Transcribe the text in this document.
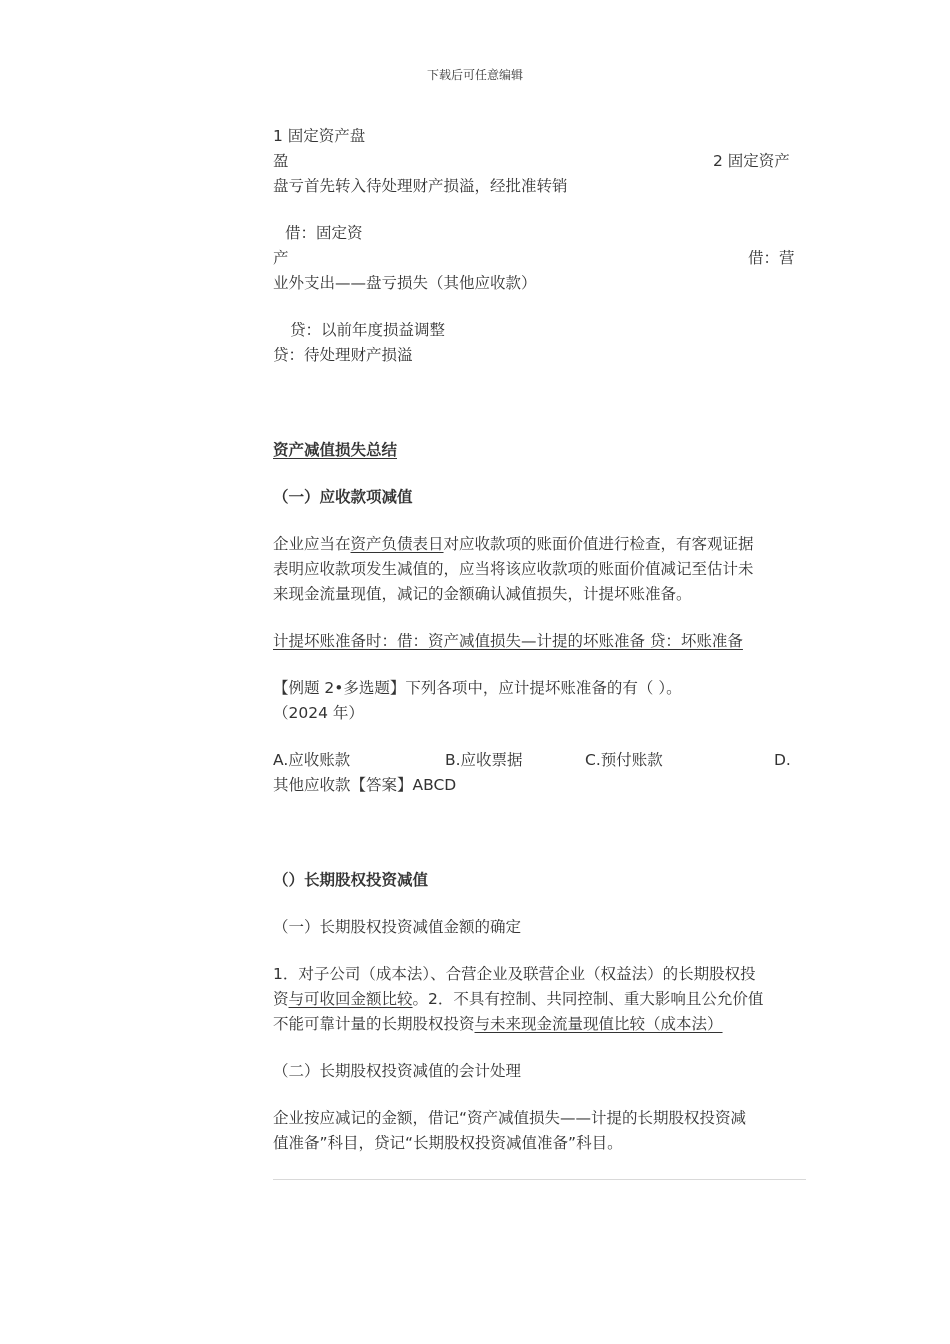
下载后可任意编辑
1 固定资产盘
盈	2 固定资产
盘亏首先转入待处理财产损溢，经批准转销
借：固定资
产	借：营
业外支出——盘亏损失（其他应收款）
贷：以前年度损益调整
贷：待处理财产损溢
资产减值损失总结
（一）应收款项减值
企业应当在资产负债表日对应收款项的账面价值进行检查，有客观证据
表明应收款项发生减值的，应当将该应收款项的账面价值减记至估计未
来现金流量现值，减记的金额确认减值损失，计提坏账准备。
计提坏账准备时：借：资产减值损失—计提的坏账准备 贷：坏账准备
【例题 2•多选题】下列各项中，应计提坏账准备的有（ ）。
（2024 年）
A.应收账款	B.应收票据	C.预付账款	D.
其他应收款【答案】ABCD
（）长期股权投资减值
（一）长期股权投资减值金额的确定
1．对子公司（成本法）、合营企业及联营企业（权益法）的长期股权投
资与可收回金额比较。2．不具有控制、共同控制、重大影响且公允价值
不能可靠计量的长期股权投资与未来现金流量现值比较（成本法）
（二）长期股权投资减值的会计处理
企业按应减记的金额，借记“资产减值损失——计提的长期股权投资减
值准备”科目，贷记“长期股权投资减值准备”科目。
